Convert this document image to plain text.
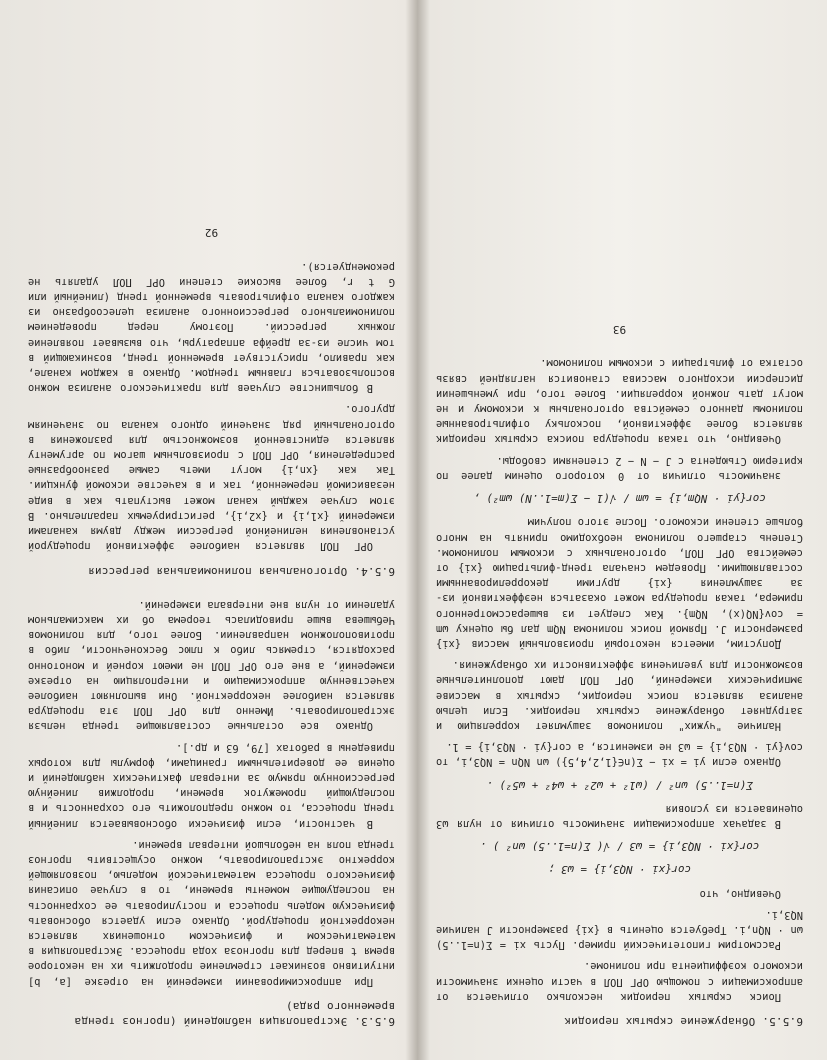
6.5.3. Экстраполяция наблюдений (прогноз тренда временного ряда)

При аппроксимировании измерений на отрезке [a, b] интуитивно возникает стремление продолжить их на некоторое время t вперед для прогноза хода процесса. Экстраполяция в математическом и физическом отношениях является некорректной процедурой. Однако если удается обосновать физическую модель процесса и постулировать ее сохранность на последующие моменты времени, то в случае описания физического процесса математической моделью, позволяющей корректно экстраполировать, можно осуществить прогноз тренда поля на небольшой интервал времени.

В частности, если физически обосновывается линейный тренд процесса, то можно предположить его сохранность и в последующий промежуток времени, продолжив линейную регрессионную прямую за интервал фактических наблюдений и оценив ее доверительными границами, формулы для которых приведены в работах [79, 63 и др.].

Однако все остальные составляющие тренда нельзя экстраполировать. Именно для ОРГ ПОЛ эта процедура является наиболее некорректной. Они выполняют наиболее качественную аппроксимацию и интерполяцию на отрезке измерений, а вне его ОРГ ПОЛ не имеют корней и монотонно расходятся, стремясь либо к плюс бесконечности, либо в противоположном направлении. Более того, для полиномов Чебышева выше приводилась теорема об их максимальном удалении от нуля вне интервала измерений.

6.5.4. Ортогональная полиномиальная регрессия

ОРГ ПОЛ является наиболее эффективной процедурой установления нелинейной регрессии между двумя каналами измерений {x1,i} и {x2,i}, регистрируемых параллельно. В этом случае каждый канал может выступать как в виде независимой переменной, так и в качестве искомой функции. Так как {xn,i} могут иметь самые разнообразные распределения, ОРГ ПОЛ с произвольным шагом по аргументу является единственной возможностью для разложения в ортогональный ряд значений одного канала по значениям другого.

В большинстве случаев для практического анализа можно воспользоваться главным трендом. Однако в каждом канале, как правило, присутствует временной тренд, возникающий в том числе из-за дрейфа аппаратуры, что вызывает появление ложных регрессий. Поэтому перед проведением полиномиального регрессионного анализа целесообразно из каждого канала отфильтровать временной тренд (линейный или G t r, более высокие степени ОРГ ПОЛ удалять не рекомендуется).

92
6.5.5. Обнаружение скрытых периодик

Поиск скрытых периодик несколько отличается от аппроксимации с помощью ОРГ ПОЛ в части оценки значимости искомого коэффициента при полиноме.

Рассмотрим гипотетический пример. Пусть xi = Σ(n=1..5) ωn · NQn,i. Требуется оценить в {xi} размерности J наличие NQ3,i.

Очевидно, что

cor{xi · NQ3,i} = ω3 ;
cor{xi · NQ3,i} = ω3 / √( Σ(n=1..5) ωn² ) .

В задачах аппроксимации значимость отличия от нуля ω3 оценивается из условия

Σ(n=1..5) ωn² / (ω1² + ω2² + ω4² + ω5²) .

Однако если yi = xi − Σ(n∈{1,2,4,5}) ωn NQn = NQ3,i, то cov{yi · NQ3,i} = ω3 не изменится, а cor{yi · NQ3,i} = 1.

Наличие "чужих" полиномов зашумляет корреляцию и затрудняет обнаружение скрытых периодик. Если целью анализа является поиск периодик, скрытых в массиве эмпирических измерений, ОРГ ПОЛ дают дополнительные возможности для увеличения эффективности их обнаружения.

Допустим, имеется некоторый произвольный массив {xi} размерности J. Прямой поиск полинома NQm дал бы оценку ωm = cov{NQ(x), NQm}. Как следует из вышерассмотренного примера, такая процедура может оказаться неэффективной из-за зашумления {xi} другими декоррелированными составляющими. Проведем сначала тренд-фильтрацию {xi} от семейства ОРГ ПОЛ, ортогональных с искомым полиномом. Степень старшего полинома необходимо принять на много больше степени искомого. После этого получим

cor{yi · NQm,i} = ωm / √(1 − Σ(m=1..N) ωm²) ,

значимость отличия от 0 которого оценим далее по критерию Стьюдента с J − N − 2 степенями свободы.

Очевидно, что такая процедура поиска скрытых периодик является более эффективной, поскольку отфильтрованные полиномы данного семейства ортогональны к искомому и не могут дать ложной корреляции. Более того, при уменьшении дисперсии исходного массива становится наглядней связь остатка от фильтрации с искомым полиномом.

93
